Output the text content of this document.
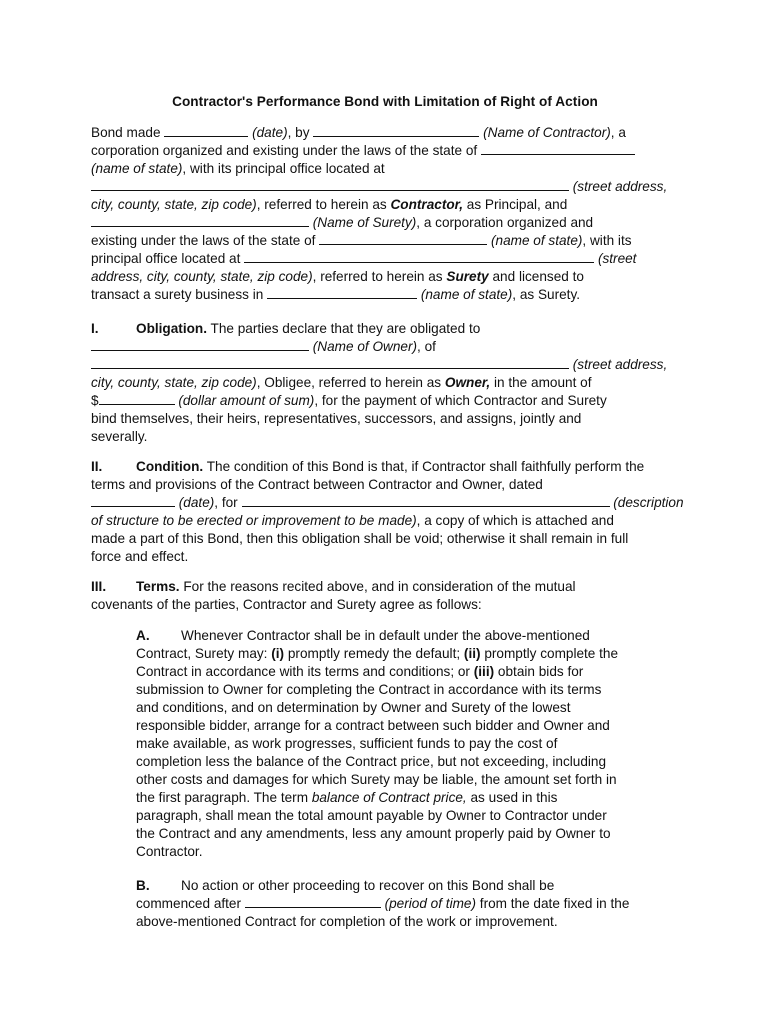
Contractor's Performance Bond with Limitation of Right of Action
Bond made	(date), by	(Name of Contractor), a
corporation organized and existing under the laws of the state of
(name of state), with its principal office located at
(street address,
city, county, state, zip code), referred to herein as Contractor, as Principal, and
(Name of Surety), a corporation organized and
existing under the laws of the state of	(name of state), with its
principal office located at	(street
address, city, county, state, zip code), referred to herein as Surety and licensed to
transact a surety business in	(name of state), as Surety.
I.	Obligation. The parties declare that they are obligated to
(Name of Owner), of
(street address,
city, county, state, zip code), Obligee, referred to herein as Owner, in the amount of
$	(dollar amount of sum), for the payment of which Contractor and Surety
bind themselves, their heirs, representatives, successors, and assigns, jointly and
severally.
II. Condition. The condition of this Bond is that, if Contractor shall faithfully perform the
terms and provisions of the Contract between Contractor and Owner, dated
(date), for	(description
of structure to be erected or improvement to be made), a copy of which is attached and
made a part of this Bond, then this obligation shall be void; otherwise it shall remain in full
force and effect.
III. Terms. For the reasons recited above, and in consideration of the mutual
covenants of the parties, Contractor and Surety agree as follows:
A. Whenever Contractor shall be in default under the above-mentioned
Contract, Surety may: (i) promptly remedy the default; (ii) promptly complete the
Contract in accordance with its terms and conditions; or (iii) obtain bids for
submission to Owner for completing the Contract in accordance with its terms
and conditions, and on determination by Owner and Surety of the lowest
responsible bidder, arrange for a contract between such bidder and Owner and
make available, as work progresses, sufficient funds to pay the cost of
completion less the balance of the Contract price, but not exceeding, including
other costs and damages for which Surety may be liable, the amount set forth in
the first paragraph. The term balance of Contract price, as used in this
paragraph, shall mean the total amount payable by Owner to Contractor under
the Contract and any amendments, less any amount properly paid by Owner to
Contractor.
B. No action or other proceeding to recover on this Bond shall be
commenced after	(period of time) from the date fixed in the
above-mentioned Contract for completion of the work or improvement.
